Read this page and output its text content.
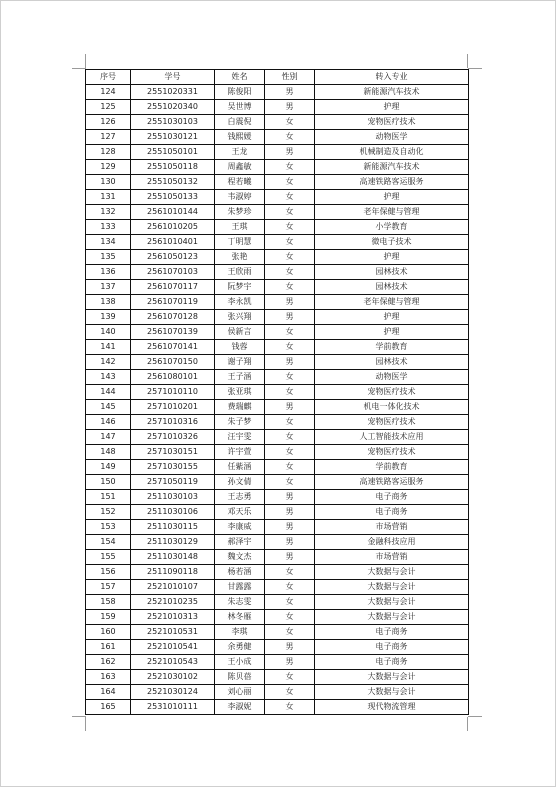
序号	学号	姓名	性别	转入专业
124	2551020331	陈俊阳	男	新能源汽车技术
125	2551020340	吴世博	男	护理
126	2551030103	白震倪	女	宠物医疗技术
127	2551030121	钱熙媛	女	动物医学
128	2551050101	王龙	男	机械制造及自动化
129	2551050118	周鑫敏	女	新能源汽车技术
130	2551050132	程若曦	女	高速铁路客运服务
131	2551050133	韦淑婷	女	护理
132	2561010144	朱梦珍	女	老年保健与管理
133	2561010205	王琪	女	小学教育
134	2561010401	丁明慧	女	微电子技术
135	2561050123	张艳	女	护理
136	2561070103	王欣雨	女	园林技术
137	2561070117	阮梦宇	女	园林技术
138	2561070119	李永凯	男	老年保健与管理
139	2561070128	张兴翔	男	护理
140	2561070139	侯新言	女	护理
141	2561070141	钱蓉	女	学前教育
142	2561070150	谢子翔	男	园林技术
143	2561080101	王子涵	女	动物医学
144	2571010110	张亚琪	女	宠物医疗技术
145	2571010201	费瑞麒	男	机电一体化技术
146	2571010316	朱子梦	女	宠物医疗技术
147	2571010326	汪宇雯	女	人工智能技术应用
148	2571030151	许宇萱	女	宠物医疗技术
149	2571030155	任紫涵	女	学前教育
150	2571050119	孙文倩	女	高速铁路客运服务
151	2511030103	王志勇	男	电子商务
152	2511030106	邓天乐	男	电子商务
153	2511030115	李康威	男	市场营销
154	2511030129	郝泽宇	男	金融科技应用
155	2511030148	魏文杰	男	市场营销
156	2511090118	杨若涵	女	大数据与会计
157	2521010107	甘露露	女	大数据与会计
158	2521010235	朱志雯	女	大数据与会计
159	2521010313	林冬雁	女	大数据与会计
160	2521010531	李琪	女	电子商务
161	2521010541	余勇健	男	电子商务
162	2521010543	王小成	男	电子商务
163	2521030102	陈贝蓓	女	大数据与会计
164	2521030124	刘心丽	女	大数据与会计
165	2531010111	李淑妮	女	现代物流管理
